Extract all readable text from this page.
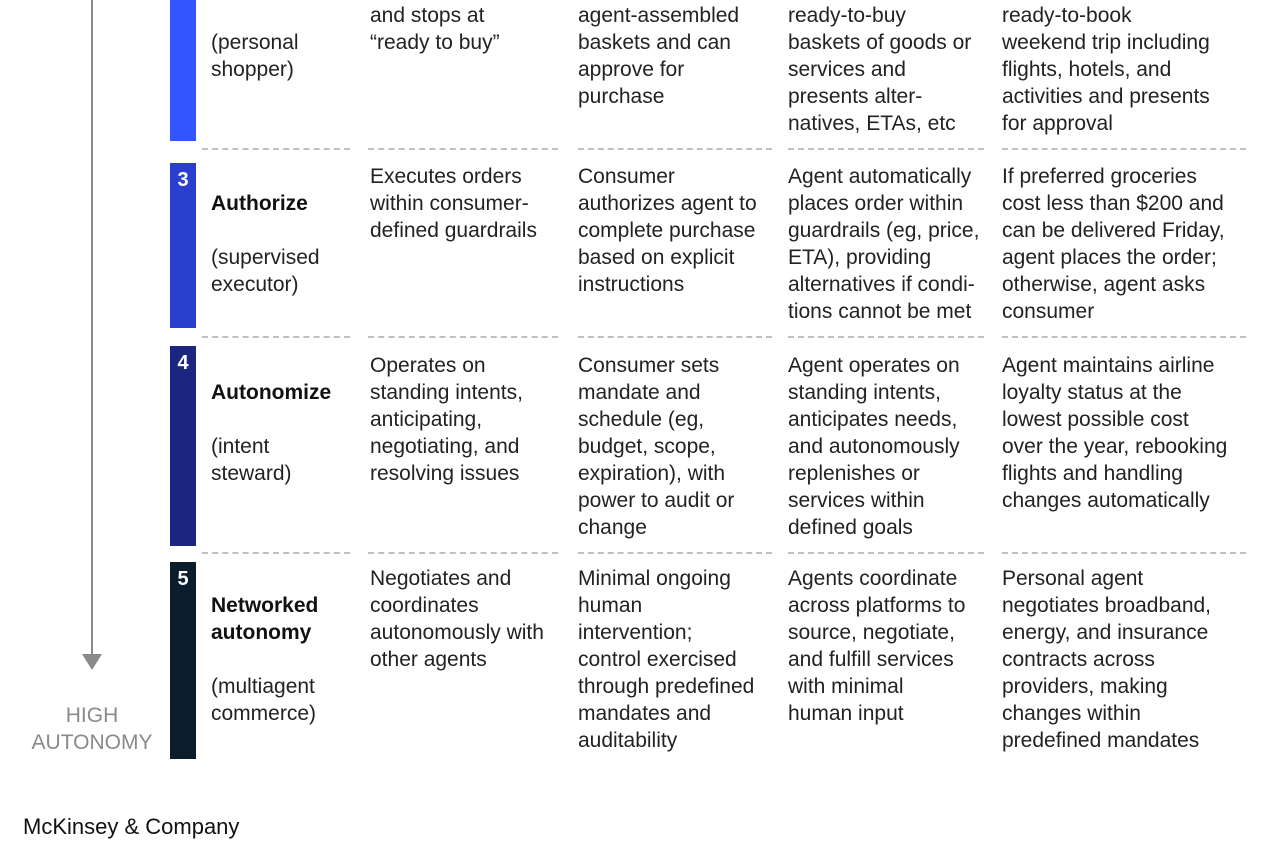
HIGH
AUTONOMY

(personal
shopper)

and stops at
“ready to buy”

agent-assembled
baskets and can
approve for
purchase

ready-to-buy
baskets of goods or
services and
presents alter-
natives, ETAs, etc

ready-to-book
weekend trip including
flights, hotels, and
activities and presents
for approval

3

Authorize

(supervised
executor)

Executes orders
within consumer-
defined guardrails

Consumer
authorizes agent to
complete purchase
based on explicit
instructions

Agent automatically
places order within
guardrails (eg, price,
ETA), providing
alternatives if condi-
tions cannot be met

If preferred groceries
cost less than $200 and
can be delivered Friday,
agent places the order;
otherwise, agent asks
consumer

4

Autonomize

(intent
steward)

Operates on
standing intents,
anticipating,
negotiating, and
resolving issues

Consumer sets
mandate and
schedule (eg,
budget, scope,
expiration), with
power to audit or
change

Agent operates on
standing intents,
anticipates needs,
and autonomously
replenishes or
services within
defined goals

Agent maintains airline
loyalty status at the
lowest possible cost
over the year, rebooking
flights and handling
changes automatically

5

Networked
autonomy

(multiagent
commerce)

Negotiates and
coordinates
autonomously with
other agents

Minimal ongoing
human
intervention;
control exercised
through predefined
mandates and
auditability

Agents coordinate
across platforms to
source, negotiate,
and fulfill services
with minimal
human input

Personal agent
negotiates broadband,
energy, and insurance
contracts across
providers, making
changes within
predefined mandates

McKinsey & Company
